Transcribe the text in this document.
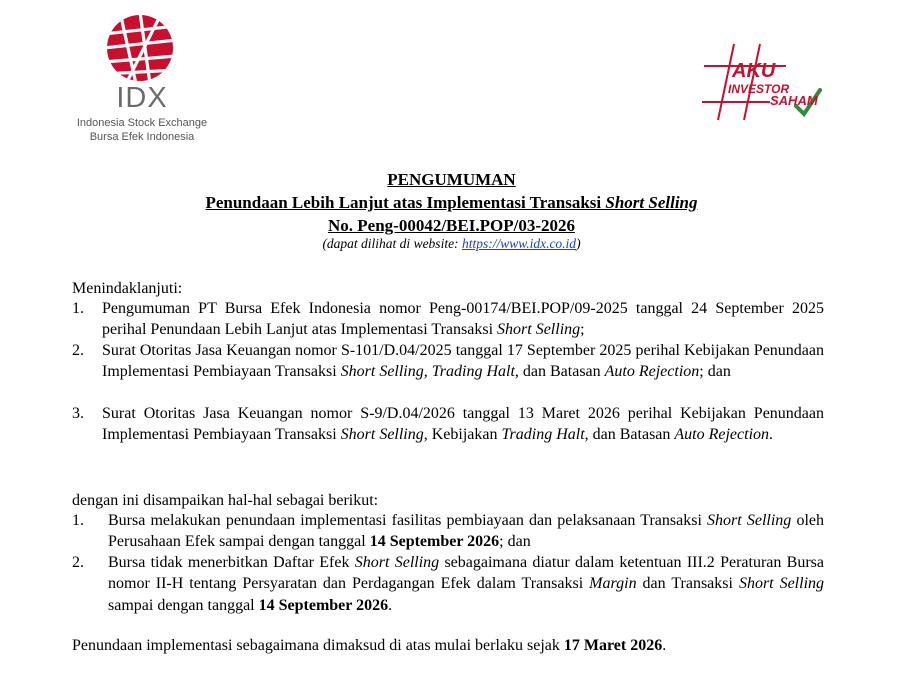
IDX
Indonesia Stock Exchange
Bursa Efek Indonesia
AKU
INVESTOR
SAHAM
PENGUMUMAN
Penundaan Lebih Lanjut atas Implementasi Transaksi Short Selling
No. Peng-00042/BEI.POP/03-2026
(dapat dilihat di website: https://www.idx.co.id)
Menindaklanjuti:
1. Pengumuman PT Bursa Efek Indonesia nomor Peng-00174/BEI.POP/09-2025 tanggal 24 September 2025 perihal Penundaan Lebih Lanjut atas Implementasi Transaksi Short Selling;
2. Surat Otoritas Jasa Keuangan nomor S-101/D.04/2025 tanggal 17 September 2025 perihal Kebijakan Penundaan Implementasi Pembiayaan Transaksi Short Selling, Trading Halt, dan Batasan Auto Rejection; dan
3. Surat Otoritas Jasa Keuangan nomor S-9/D.04/2026 tanggal 13 Maret 2026 perihal Kebijakan Penundaan Implementasi Pembiayaan Transaksi Short Selling, Kebijakan Trading Halt, dan Batasan Auto Rejection.
dengan ini disampaikan hal-hal sebagai berikut:
1. Bursa melakukan penundaan implementasi fasilitas pembiayaan dan pelaksanaan Transaksi Short Selling oleh Perusahaan Efek sampai dengan tanggal 14 September 2026; dan
2. Bursa tidak menerbitkan Daftar Efek Short Selling sebagaimana diatur dalam ketentuan III.2 Peraturan Bursa nomor II-H tentang Persyaratan dan Perdagangan Efek dalam Transaksi Margin dan Transaksi Short Selling sampai dengan tanggal 14 September 2026.
Penundaan implementasi sebagaimana dimaksud di atas mulai berlaku sejak 17 Maret 2026.
